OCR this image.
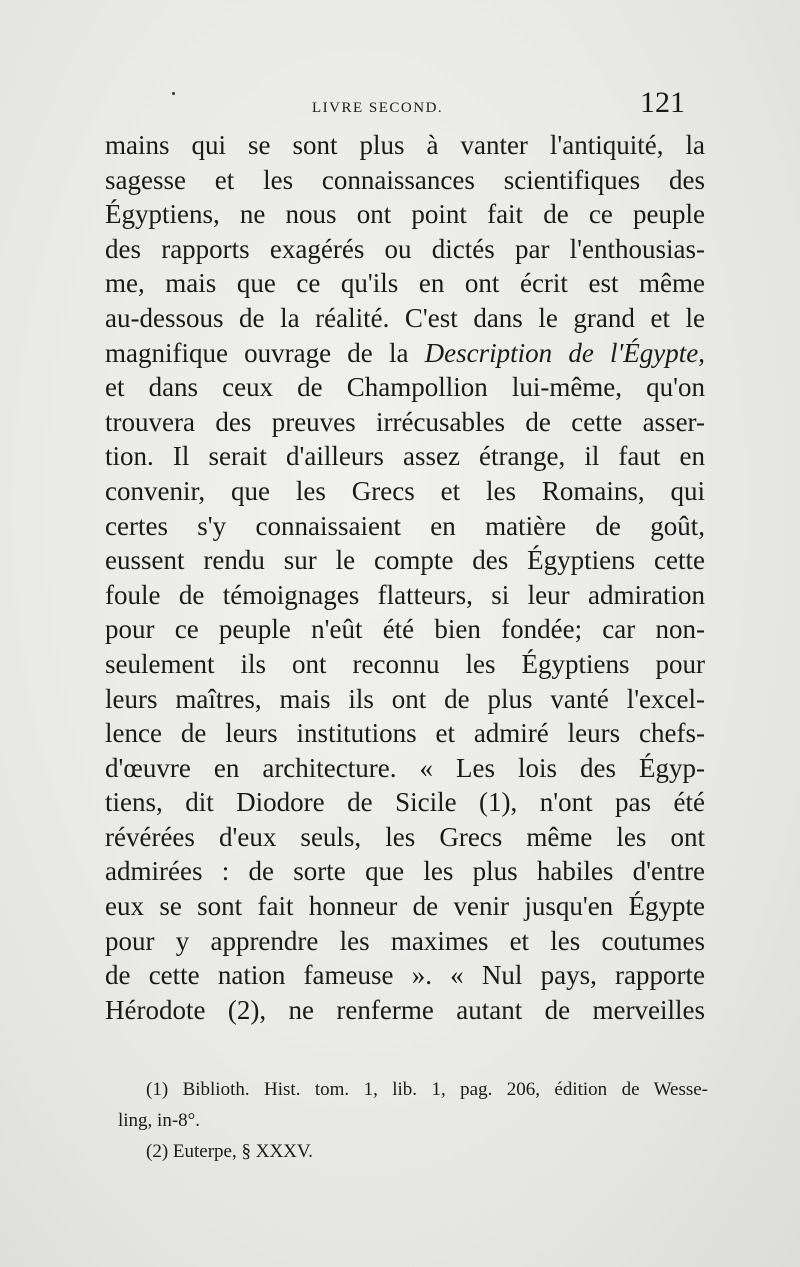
LIVRE SECOND.	121
mains qui se sont plus à vanter l'antiquité, la
sagesse et les connaissances scientifiques des
Égyptiens, ne nous ont point fait de ce peuple
des rapports exagérés ou dictés par l'enthousias-
me, mais que ce qu'ils en ont écrit est même
au-dessous de la réalité. C'est dans le grand et le
magnifique ouvrage de la Description de l'Égypte,
et dans ceux de Champollion lui-même, qu'on
trouvera des preuves irrécusables de cette asser-
tion. Il serait d'ailleurs assez étrange, il faut en
convenir, que les Grecs et les Romains, qui
certes s'y connaissaient en matière de goût,
eussent rendu sur le compte des Égyptiens cette
foule de témoignages flatteurs, si leur admiration
pour ce peuple n'eût été bien fondée; car non-
seulement ils ont reconnu les Égyptiens pour
leurs maîtres, mais ils ont de plus vanté l'excel-
lence de leurs institutions et admiré leurs chefs-
d'œuvre en architecture. « Les lois des Égyp-
tiens, dit Diodore de Sicile (1), n'ont pas été
révérées d'eux seuls, les Grecs même les ont
admirées : de sorte que les plus habiles d'entre
eux se sont fait honneur de venir jusqu'en Égypte
pour y apprendre les maximes et les coutumes
de cette nation fameuse ». « Nul pays, rapporte
Hérodote (2), ne renferme autant de merveilles
(1) Biblioth. Hist. tom. 1, lib. 1, pag. 206, édition de Wesse-
ling, in-8°.
(2) Euterpe, § XXXV.
